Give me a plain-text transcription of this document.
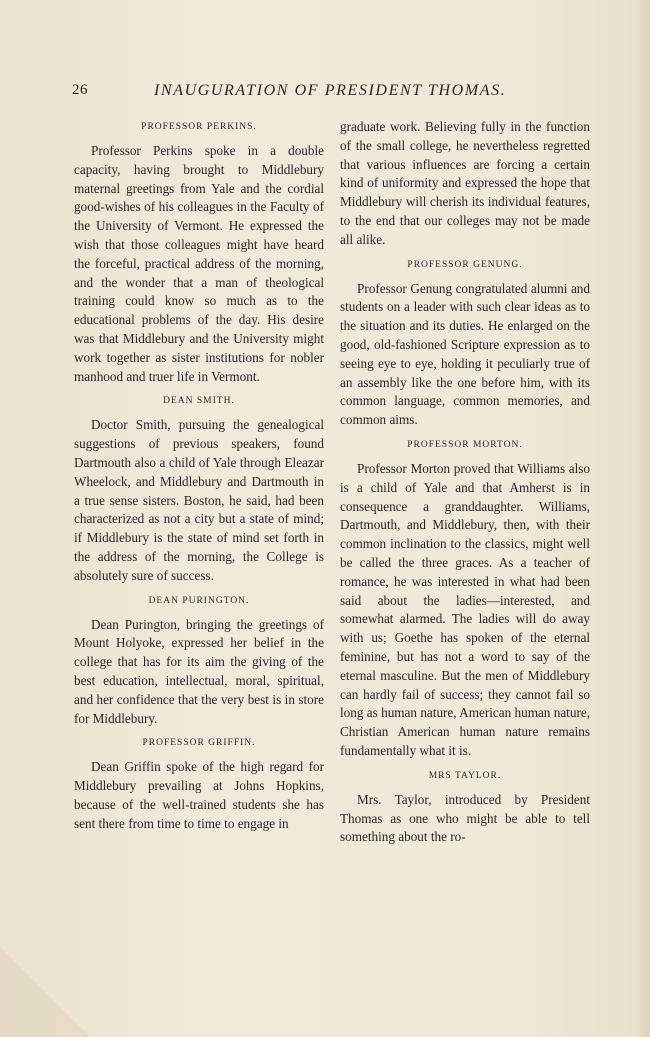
26	INAUGURATION OF PRESIDENT THOMAS.
PROFESSOR PERKINS.

Professor Perkins spoke in a double capacity, having brought to Middlebury maternal greetings from Yale and the cordial good-wishes of his colleagues in the Faculty of the University of Vermont. He expressed the wish that those colleagues might have heard the forceful, practical address of the morning, and the wonder that a man of theological training could know so much as to the educational problems of the day. His desire was that Middlebury and the University might work together as sister institutions for nobler manhood and truer life in Vermont.

DEAN SMITH.

Doctor Smith, pursuing the genealogical suggestions of previous speakers, found Dartmouth also a child of Yale through Eleazar Wheelock, and Middlebury and Dartmouth in a true sense sisters. Boston, he said, had been characterized as not a city but a state of mind; if Middlebury is the state of mind set forth in the address of the morning, the College is absolutely sure of success.

DEAN PURINGTON.

Dean Purington, bringing the greetings of Mount Holyoke, expressed her belief in the college that has for its aim the giving of the best education, intellectual, moral, spiritual, and her confidence that the very best is in store for Middlebury.

PROFESSOR GRIFFIN.

Dean Griffin spoke of the high regard for Middlebury prevailing at Johns Hopkins, because of the well-trained students she has sent there from time to time to engage in

graduate work. Believing fully in the function of the small college, he nevertheless regretted that various influences are forcing a certain kind of uniformity and expressed the hope that Middlebury will cherish its individual features, to the end that our colleges may not be made all alike.

PROFESSOR GENUNG.

Professor Genung congratulated alumni and students on a leader with such clear ideas as to the situation and its duties. He enlarged on the good, old-fashioned Scripture expression as to seeing eye to eye, holding it peculiarly true of an assembly like the one before him, with its common language, common memories, and common aims.

PROFESSOR MORTON.

Professor Morton proved that Williams also is a child of Yale and that Amherst is in consequence a granddaughter. Williams, Dartmouth, and Middlebury, then, with their common inclination to the classics, might well be called the three graces. As a teacher of romance, he was interested in what had been said about the ladies—interested, and somewhat alarmed. The ladies will do away with us; Goethe has spoken of the eternal feminine, but has not a word to say of the eternal masculine. But the men of Middlebury can hardly fail of success; they cannot fail so long as human nature, American human nature, Christian American human nature remains fundamentally what it is.

MRS TAYLOR.

Mrs. Taylor, introduced by President Thomas as one who might be able to tell something about the ro-
